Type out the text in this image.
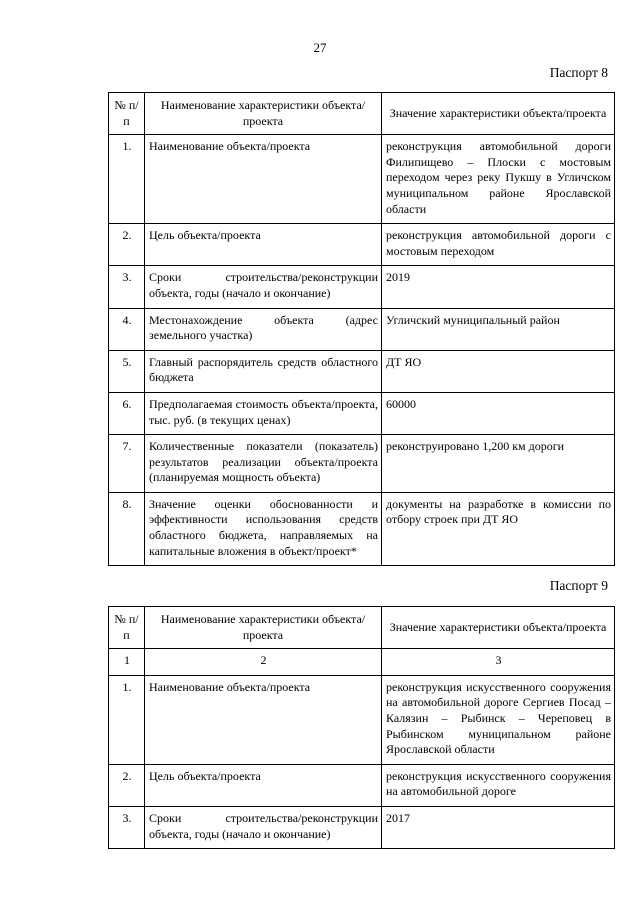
27
Паспорт 8
№ п/п	Наименование характеристики объекта/проекта	Значение характеристики объекта/проекта
1.	Наименование объекта/проекта	реконструкция автомобильной дороги Филипищево – Плоски с мостовым переходом через реку Пукшу в Угличском муниципальном районе Ярославской области
2.	Цель объекта/проекта	реконструкция автомобильной дороги с мостовым переходом
3.	Сроки строительства/реконструкции объекта, годы (начало и окончание)	2019
4.	Местонахождение объекта (адрес земельного участка)	Угличский муниципальный район
5.	Главный распорядитель средств областного бюджета	ДТ ЯО
6.	Предполагаемая стоимость объекта/проекта, тыс. руб. (в текущих ценах)	60000
7.	Количественные показатели (показатель) результатов реализации объекта/проекта (планируемая мощность объекта)	реконструировано 1,200 км дороги
8.	Значение оценки обоснованности и эффективности использования средств областного бюджета, направляемых на капитальные вложения в объект/проект*	документы на разработке в комиссии по отбору строек при ДТ ЯО
Паспорт 9
№ п/п	Наименование характеристики объекта/проекта	Значение характеристики объекта/проекта
1	2	3
1.	Наименование объекта/проекта	реконструкция искусственного сооружения на автомобильной дороге Сергиев Посад – Калязин – Рыбинск – Череповец в Рыбинском муниципальном районе Ярославской области
2.	Цель объекта/проекта	реконструкция искусственного сооружения на автомобильной дороге
3.	Сроки строительства/реконструкции объекта, годы (начало и окончание)	2017
